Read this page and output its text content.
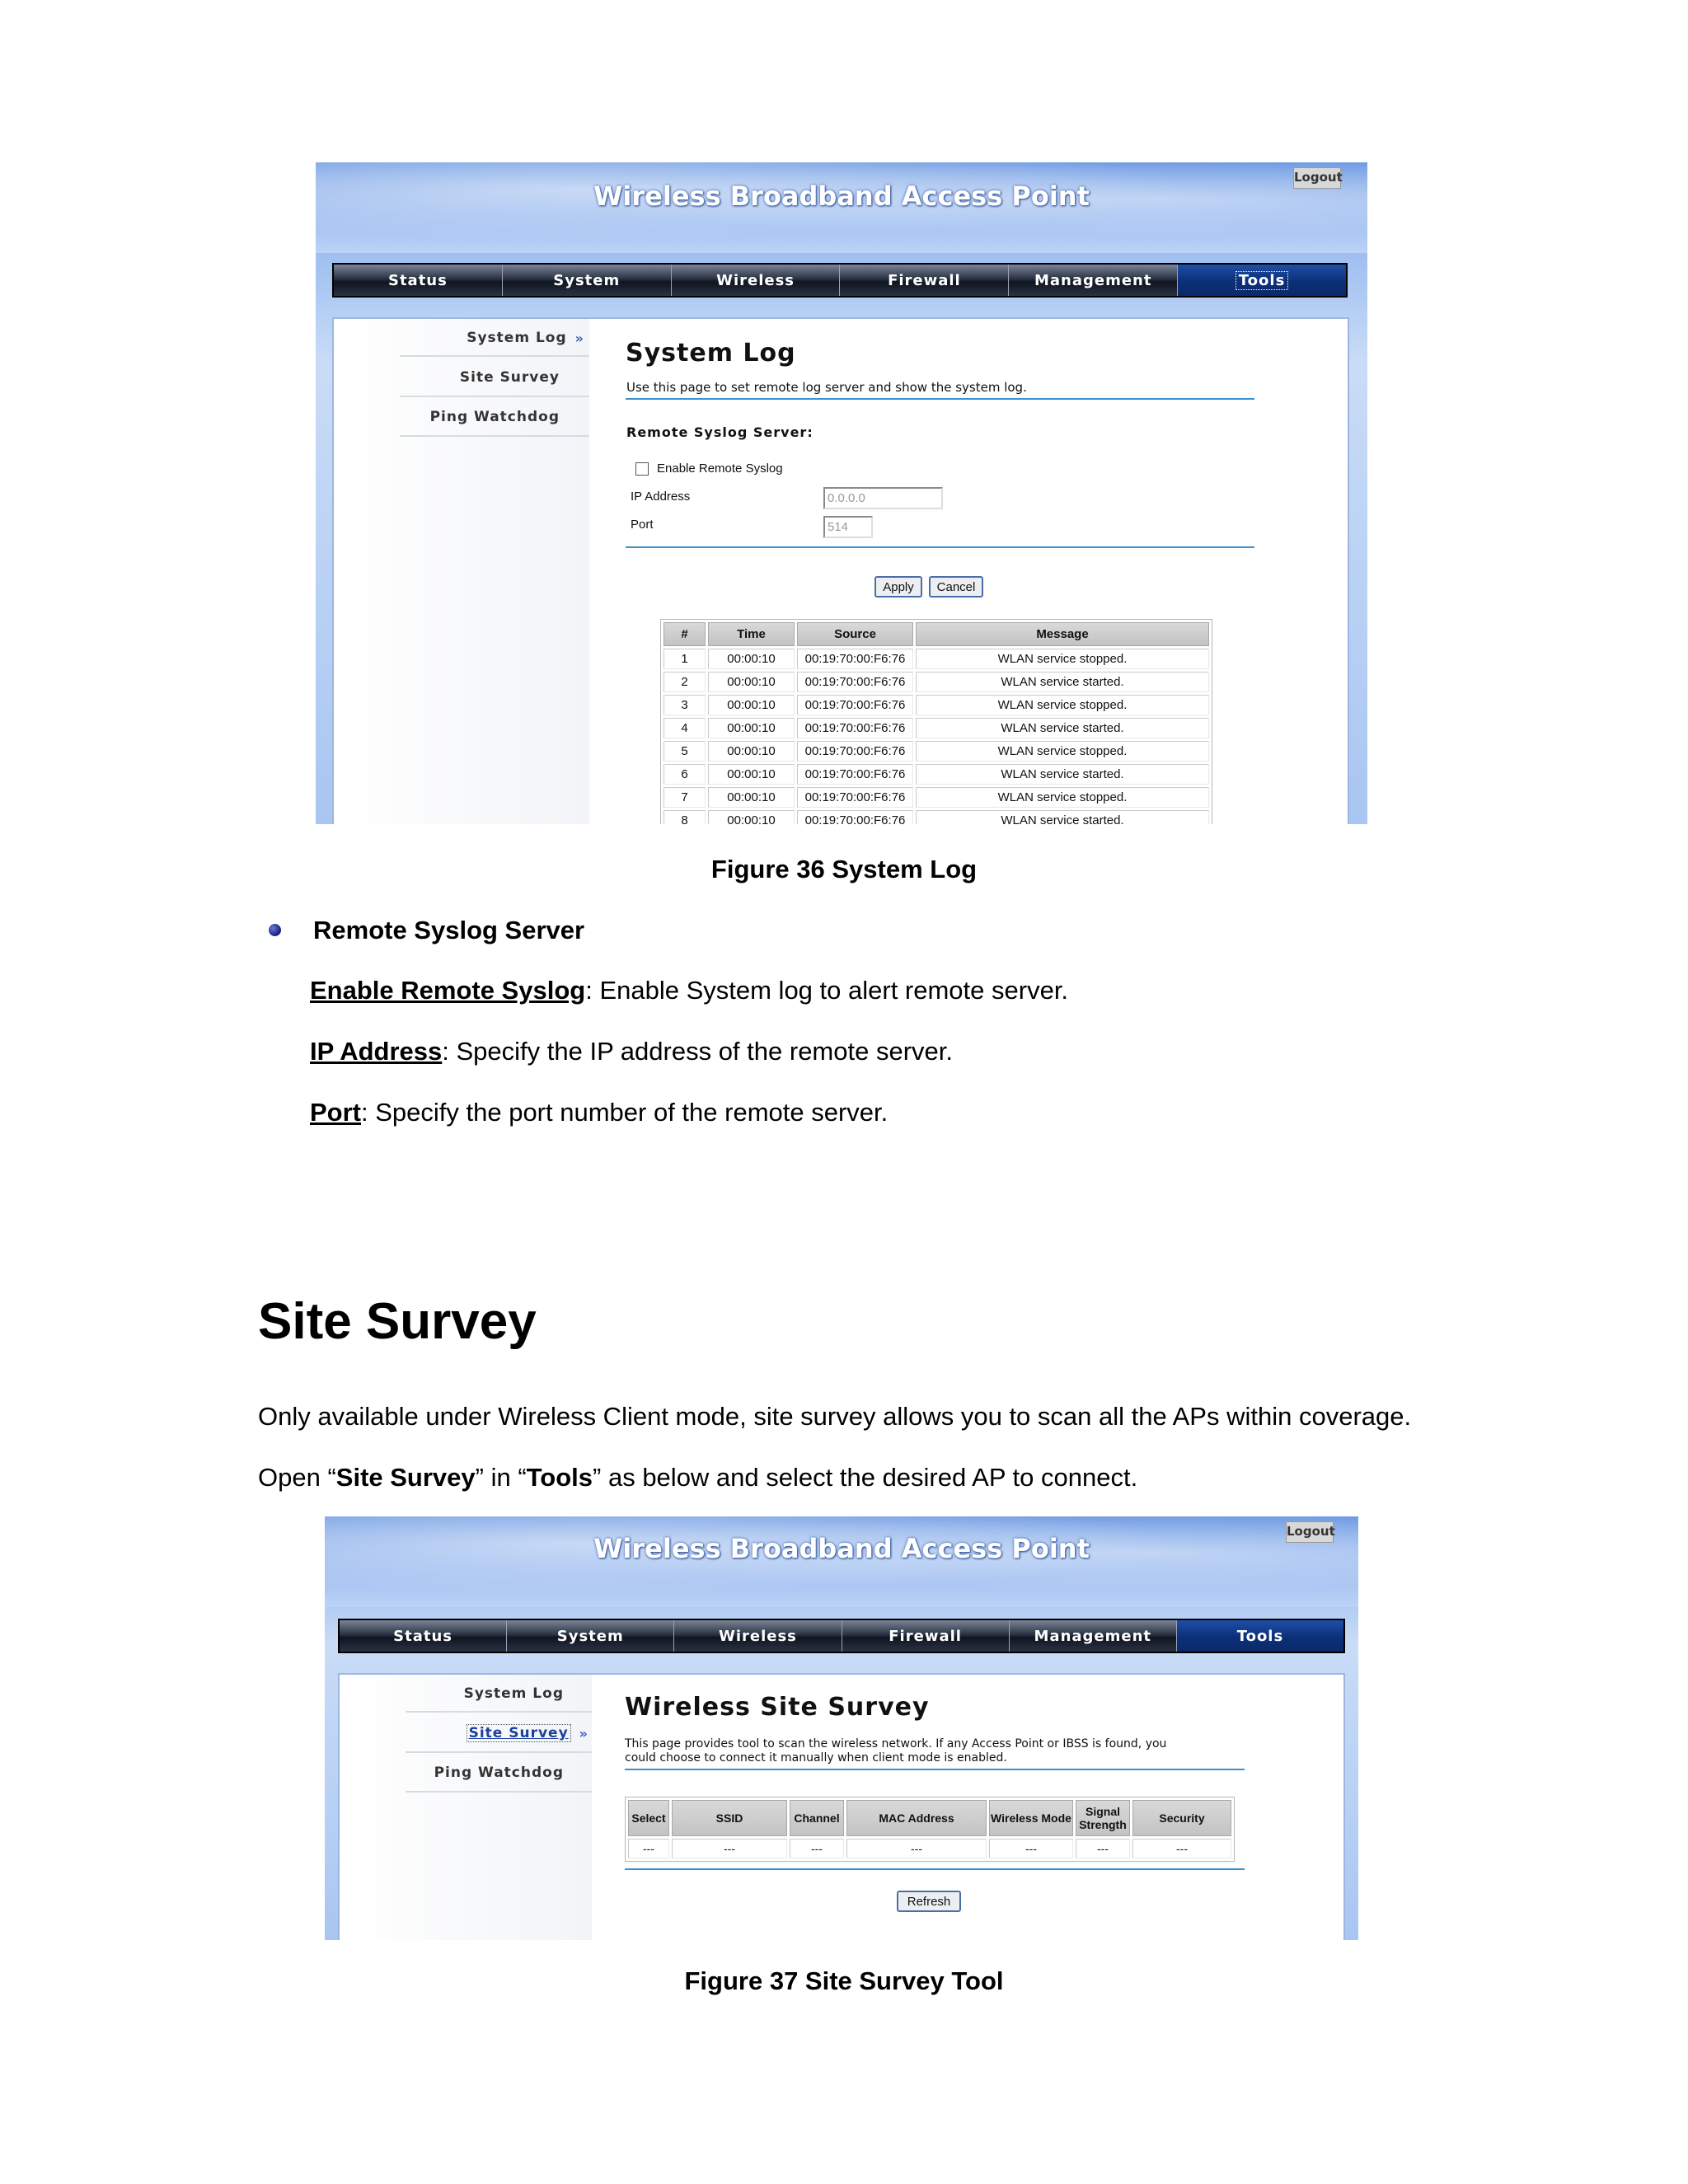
Wireless Broadband Access Point
Logout
Status	System	Wireless	Firewall	Management	Tools
System Log »
Site Survey
Ping Watchdog
System Log
Use this page to set remote log server and show the system log.
Remote Syslog Server:
Enable Remote Syslog
IP Address	0.0.0.0
Port	514
Apply	Cancel
#	Time	Source	Message
1	00:00:10	00:19:70:00:F6:76	WLAN service stopped.
2	00:00:10	00:19:70:00:F6:76	WLAN service started.
3	00:00:10	00:19:70:00:F6:76	WLAN service stopped.
4	00:00:10	00:19:70:00:F6:76	WLAN service started.
5	00:00:10	00:19:70:00:F6:76	WLAN service stopped.
6	00:00:10	00:19:70:00:F6:76	WLAN service started.
7	00:00:10	00:19:70:00:F6:76	WLAN service stopped.
8	00:00:10	00:19:70:00:F6:76	WLAN service started.
Figure 36 System Log
Remote Syslog Server
Enable Remote Syslog: Enable System log to alert remote server.
IP Address: Specify the IP address of the remote server.
Port: Specify the port number of the remote server.
Site Survey
Only available under Wireless Client mode, site survey allows you to scan all the APs within coverage.
Open “Site Survey” in “Tools” as below and select the desired AP to connect.
Wireless Broadband Access Point
Logout
Status	System	Wireless	Firewall	Management	Tools
System Log
Site Survey »
Ping Watchdog
Wireless Site Survey
This page provides tool to scan the wireless network. If any Access Point or IBSS is found, you
could choose to connect it manually when client mode is enabled.
Select	SSID	Channel	MAC Address	Wireless Mode	Signal Strength	Security
---	---	---	---	---	---	---
Refresh
Figure 37 Site Survey Tool
